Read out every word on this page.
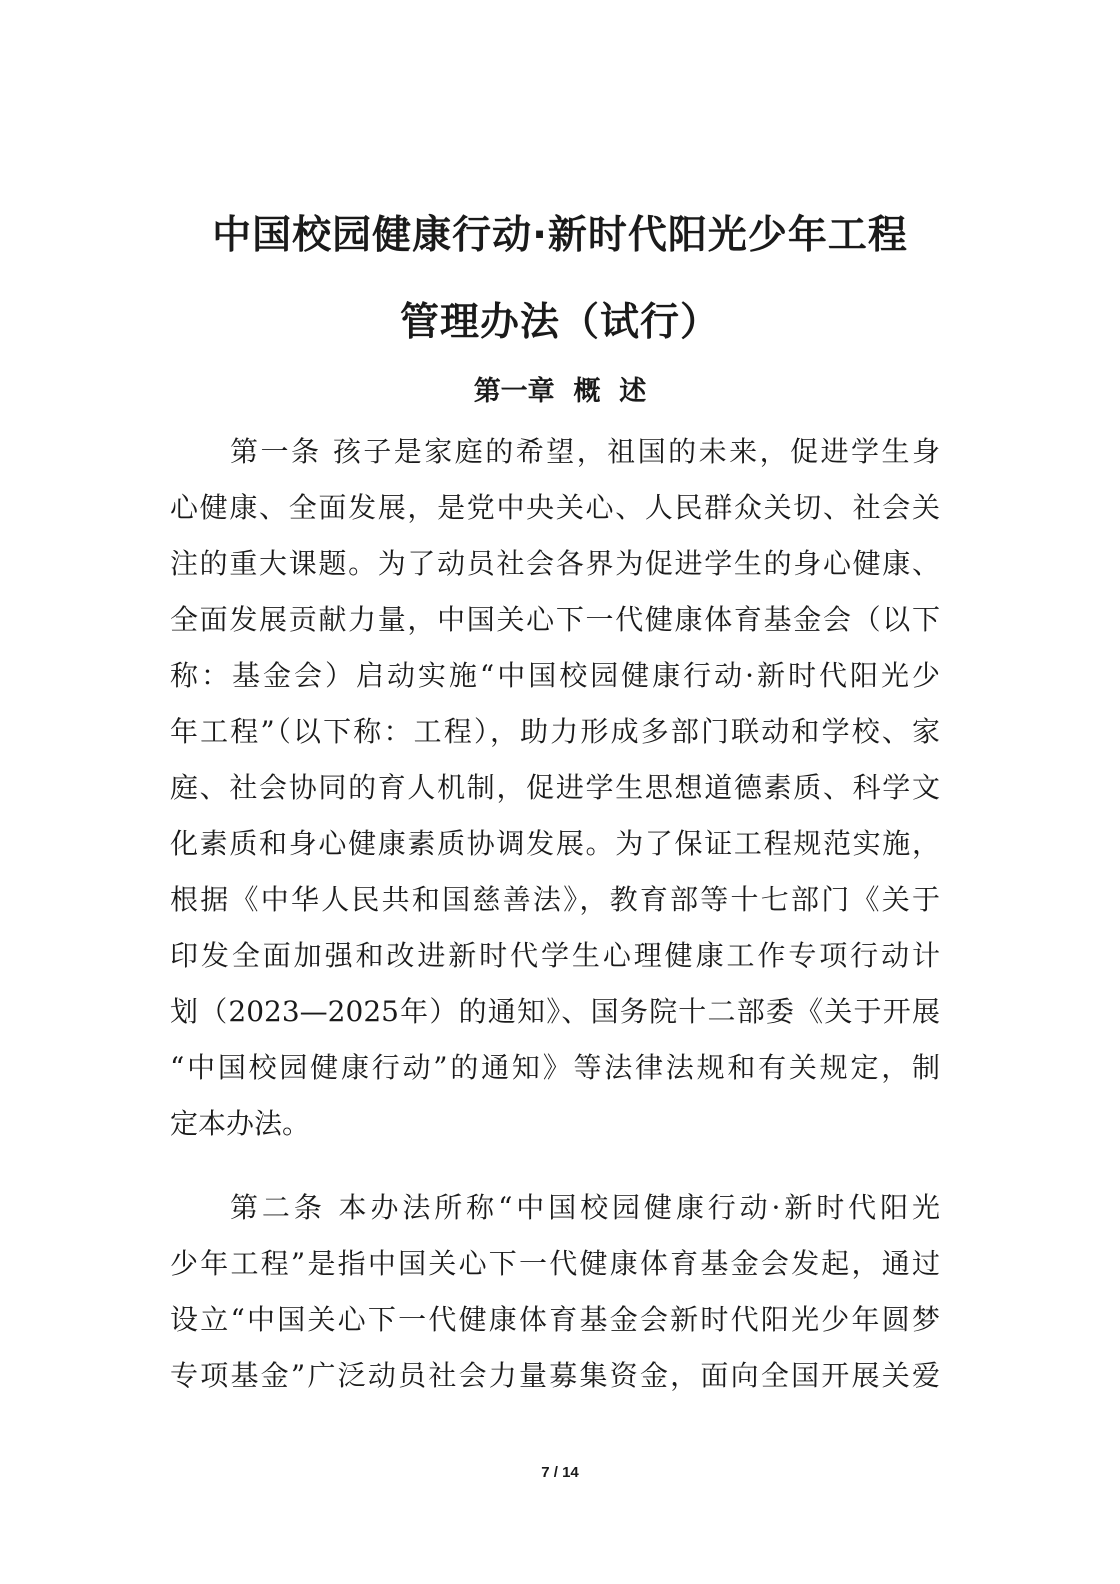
中国校园健康行动·新时代阳光少年工程
管理办法（试行）
第一章  概  述

第一条 孩子是家庭的希望，祖国的未来，促进学生身

心健康、全面发展，是党中央关心、人民群众关切、社会关

注的重大课题。为了动员社会各界为促进学生的身心健康、

全面发展贡献力量，中国关心下一代健康体育基金会（以下

称：基金会）启动实施“中国校园健康行动·新时代阳光少

年工程”（以下称：工程），助力形成多部门联动和学校、家

庭、社会协同的育人机制，促进学生思想道德素质、科学文

化素质和身心健康素质协调发展。为了保证工程规范实施，

根据《中华人民共和国慈善法》，教育部等十七部门《关于

印发全面加强和改进新时代学生心理健康工作专项行动计

划（2023—2025年）的通知》、国务院十二部委《关于开展

“中国校园健康行动”的通知》等法律法规和有关规定，制

定本办法。

第二条 本办法所称“中国校园健康行动·新时代阳光

少年工程”是指中国关心下一代健康体育基金会发起，通过

设立“中国关心下一代健康体育基金会新时代阳光少年圆梦

专项基金”广泛动员社会力量募集资金，面向全国开展关爱

7 / 14
